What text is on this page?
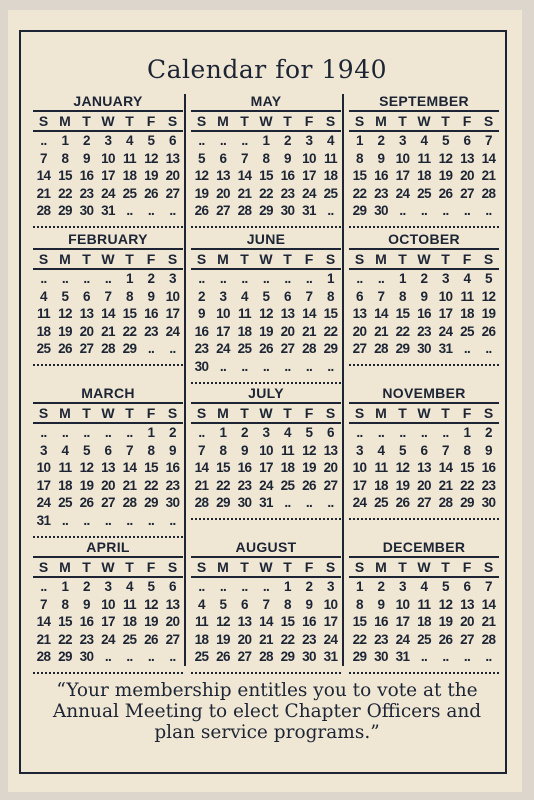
Calendar for 1940
JANUARY
S M T W T F S
..	1	2	3	4	5	6
7	8	9 10 11 12 13
14 15 16 17 18 19 20
21 22 23 24 25 26 27
28 29 30 31 ..	..	..
FEBRUARY
S M T W T F S
..	..	..	..	1	2	3
4	5	6	7	8	9 10
11 12 13 14 15 16 17
18 19 20 21 22 23 24
25 26 27 28 29 ..	..
MARCH
S M T W T F S
..	..	..	..	..	1	2
3	4	5	6	7	8	9
10 11 12 13 14 15 16
17 18 19 20 21 22 23
24 25 26 27 28 29 30
31 ..	..	..	..	..	..
APRIL
S M T W T F S
..	1	2	3	4	5	6
7	8	9 10 11 12 13
14 15 16 17 18 19 20
21 22 23 24 25 26 27
28 29 30 ..	..	..	..
MAY
S M T W T F S
..	..	..	1	2	3	4
5	6	7	8	9 10 11
12 13 14 15 16 17 18
19 20 21 22 23 24 25
26 27 28 29 30 31 ..
JUNE
S M T W T F S
..	..	..	..	..	..	1
2	3	4	5	6	7	8
9 10 11 12 13 14 15
16 17 18 19 20 21 22
23 24 25 26 27 28 29
30 ..	..	..	..	..	..
JULY
S M T W T F S
..	1	2	3	4	5	6
7	8	9 10 11 12 13
14 15 16 17 18 19 20
21 22 23 24 25 26 27
28 29 30 31 ..	..	..
AUGUST
S M T W T F S
..	..	..	..	1	2	3
4	5	6	7	8	9 10
11 12 13 14 15 16 17
18 19 20 21 22 23 24
25 26 27 28 29 30 31
SEPTEMBER
S M T W T F S
1	2	3	4	5	6	7
8	9 10 11 12 13 14
15 16 17 18 19 20 21
22 23 24 25 26 27 28
29 30 ..	..	..	..	..
OCTOBER
S M T W T F S
..	..	1	2	3	4	5
6	7	8	9 10 11 12
13 14 15 16 17 18 19
20 21 22 23 24 25 26
27 28 29 30 31 ..	..
NOVEMBER
S M T W T F S
..	..	..	..	..	1	2
3	4	5	6	7	8	9
10 11 12 13 14 15 16
17 18 19 20 21 22 23
24 25 26 27 28 29 30
DECEMBER
S M T W T F S
1	2	3	4	5	6	7
8	9 10 11 12 13 14
15 16 17 18 19 20 21
22 23 24 25 26 27 28
29 30 31 ..	..	..	..
“Your membership entitles you to vote at the Annual Meeting to elect Chapter Officers and plan service programs.”
